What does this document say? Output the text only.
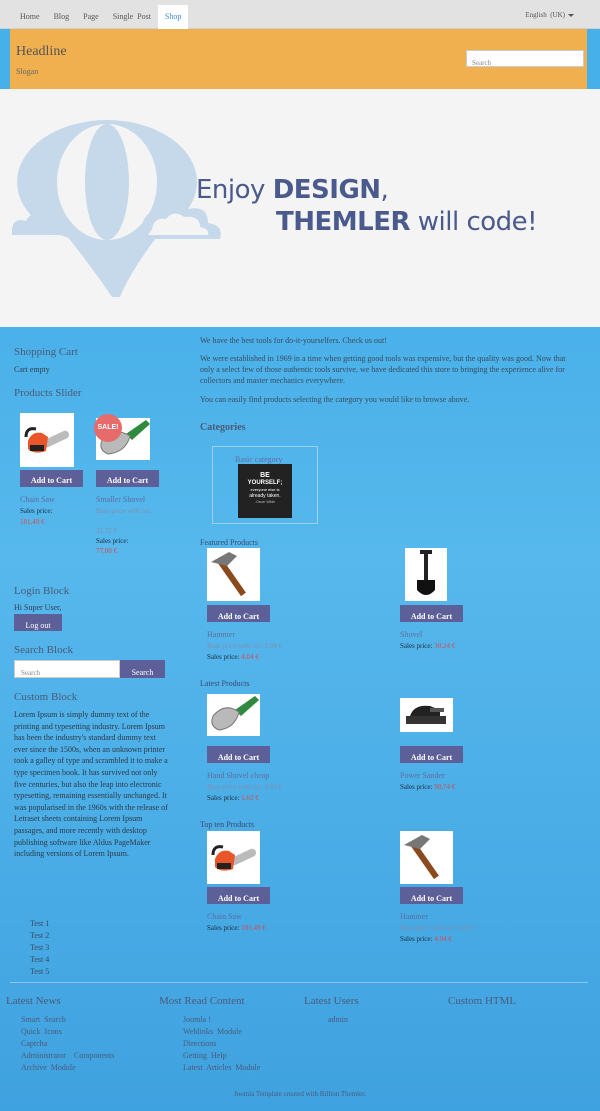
Home	Blog	Page	Single  Post	Shop	English  (UK)
Headline
Slogan
Search
Enjoy DESIGN,
THEMLER will code!
Shopping Cart
Cart empty
Products Slider
Add to Cart
Chain Saw
Sales price:
181,49 €
SALE!
Add to Cart
Smaller Shovel
Base price with tax:
31,72 €
Sales price:
77,00 €
Login Block
Hi Super User,
Log out
Search Block
Search	Search
Custom Block
Lorem Ipsum is simply dummy text of the printing and typesetting industry. Lorem Ipsum has been the industry's standard dummy text ever since the 1500s, when an unknown printer took a galley of type and scrambled it to make a type specimen book. It has survived not only five centuries, but also the leap into electronic typesetting, remaining essentially unchanged. It was popularised in the 1960s with the release of Letraset sheets containing Lorem Ipsum passages, and more recently with desktop publishing software like Aldus PageMaker including versions of Lorem Ipsum.
Test 1
Test 2
Test 3
Test 4
Test 5
We have the best tools for do-it-yourselfers. Check us out!
We were established in 1969 in a time when getting good tools was expensive, but the quality was good. Now that only a select few of those authentic tools survive, we have dedicated this store to bringing the experience alive for collectors and master mechanics everywhere.
You can easily find products selecting the category you would like to browse above.
Categories
Basic category
BE
YOURSELF;
everyone else is
already taken.
-Oscar Wilde
Featured Products
Add to Cart
Hammer
Base price with tax: 8,04 €
Sales price: 4,04 €
Add to Cart
Shovel
Sales price: 30,24 €
Latest Products
Add to Cart
Hand Shovel cheap
Base price with tax: 3,62 €
Sales price: 1,62 €
Add to Cart
Power Sander
Sales price: 90,74 €
Top ten Products
Add to Cart
Chain Saw
Sales price: 181,49 €
Add to Cart
Hammer
Base price with tax: 6,04 €
Sales price: 4,04 €
Latest News
Smart  Search
Quick  Icons
Captcha
Administrator    Components
Archive  Module
Most Read Content
Joomla !
Weblinks  Module
Directions
Getting  Help
Latest  Articles  Module
Latest Users
admin
Custom HTML
Joomla Template created with Billion Themler.
